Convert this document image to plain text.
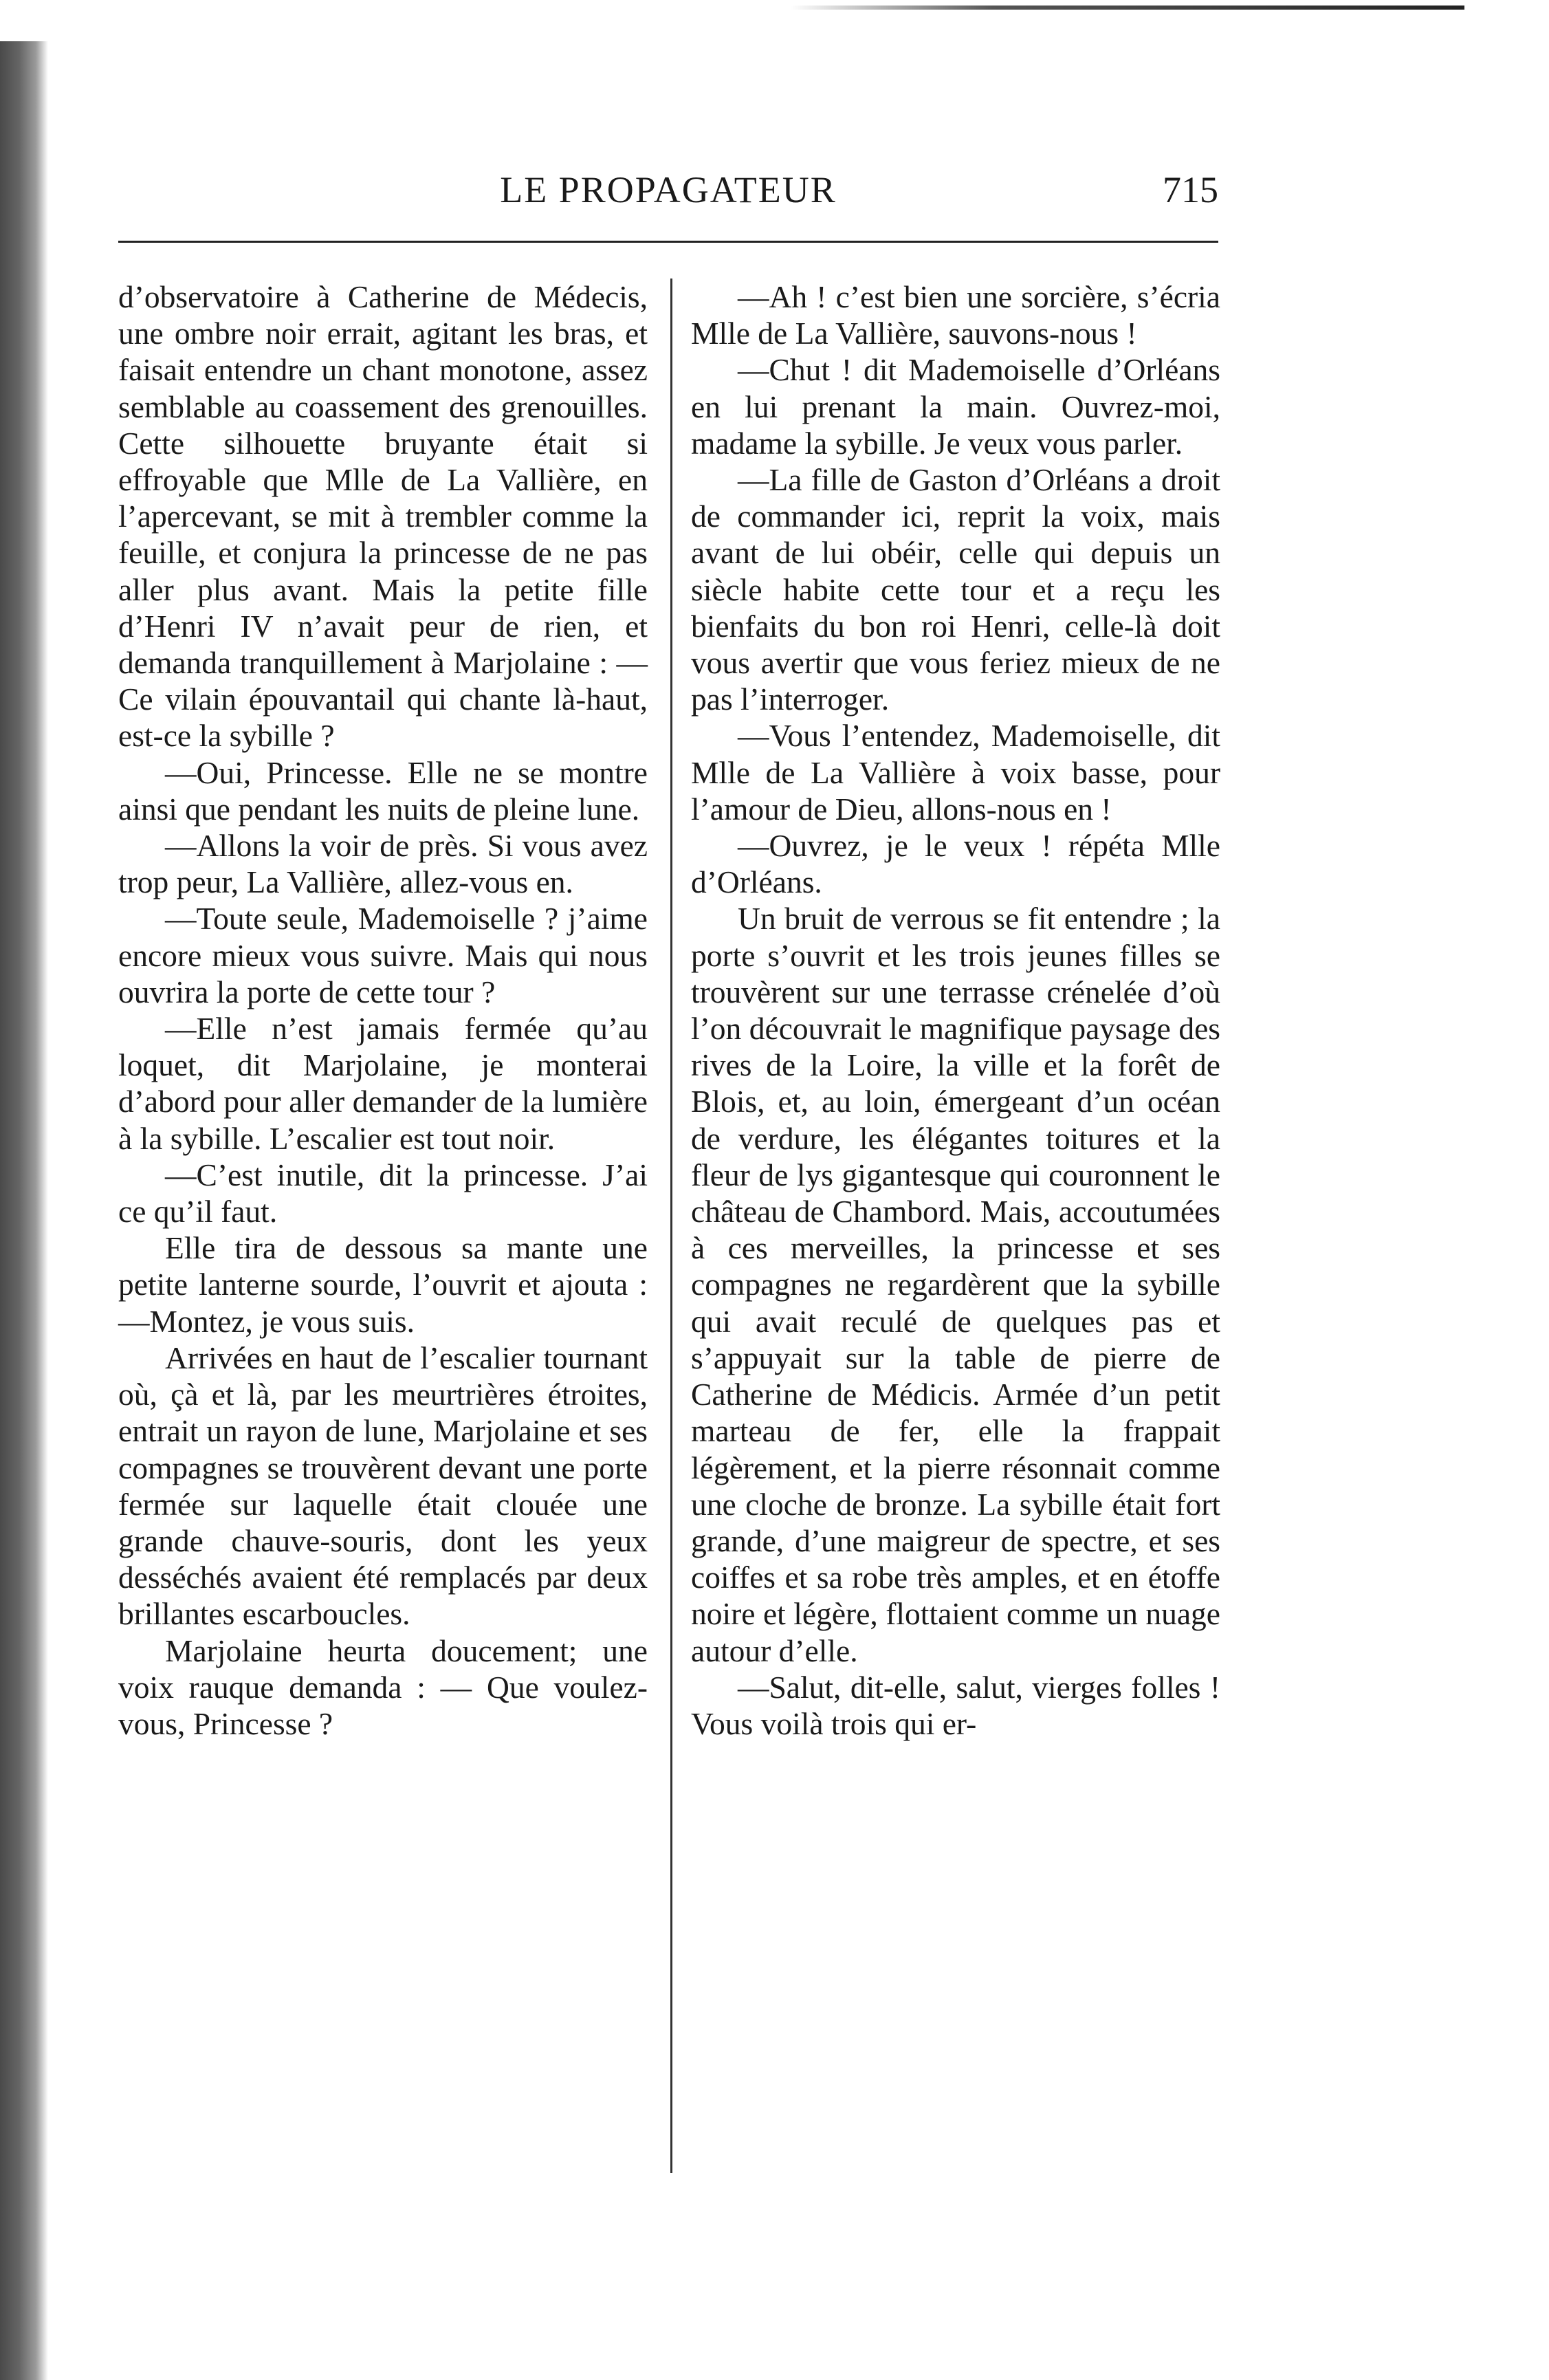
LE PROPAGATEUR	715

d’observatoire à Catherine de Médecis, une ombre noir errait, agitant les bras, et faisait entendre un chant monotone, assez semblable au coassement des grenouilles. Cette silhouette bruyante était si effroyable que Mlle de La Vallière, en l’apercevant, se mit à trembler comme la feuille, et conjura la princesse de ne pas aller plus avant. Mais la petite fille d’Henri IV n’avait peur de rien, et demanda tranquillement à Marjolaine : — Ce vilain épouvantail qui chante là-haut, est-ce la sybille ?

—Oui, Princesse. Elle ne se montre ainsi que pendant les nuits de pleine lune.

—Allons la voir de près. Si vous avez trop peur, La Vallière, allez-vous en.

—Toute seule, Mademoiselle ? j’aime encore mieux vous suivre. Mais qui nous ouvrira la porte de cette tour ?

—Elle n’est jamais fermée qu’au loquet, dit Marjolaine, je monterai d’abord pour aller demander de la lumière à la sybille. L’escalier est tout noir.

—C’est inutile, dit la princesse. J’ai ce qu’il faut.

Elle tira de dessous sa mante une petite lanterne sourde, l’ouvrit et ajouta :—Montez, je vous suis.

Arrivées en haut de l’escalier tournant où, çà et là, par les meurtrières étroites, entrait un rayon de lune, Marjolaine et ses compagnes se trouvèrent devant une porte fermée sur laquelle était clouée une grande chauve-souris, dont les yeux desséchés avaient été remplacés par deux brillantes escarboucles.

Marjolaine heurta doucement; une voix rauque demanda : — Que voulez-vous, Princesse ?

—Ah ! c’est bien une sorcière, s’écria Mlle de La Vallière, sauvons-nous !

—Chut ! dit Mademoiselle d’Orléans en lui prenant la main. Ouvrez-moi, madame la sybille. Je veux vous parler.

—La fille de Gaston d’Orléans a droit de commander ici, reprit la voix, mais avant de lui obéir, celle qui depuis un siècle habite cette tour et a reçu les bienfaits du bon roi Henri, celle-là doit vous avertir que vous feriez mieux de ne pas l’interroger.

—Vous l’entendez, Mademoiselle, dit Mlle de La Vallière à voix basse, pour l’amour de Dieu, allons-nous en !

—Ouvrez, je le veux ! répéta Mlle d’Orléans.

Un bruit de verrous se fit entendre ; la porte s’ouvrit et les trois jeunes filles se trouvèrent sur une terrasse crénelée d’où l’on découvrait le magnifique paysage des rives de la Loire, la ville et la forêt de Blois, et, au loin, émergeant d’un océan de verdure, les élégantes toitures et la fleur de lys gigantesque qui couronnent le château de Chambord. Mais, accoutumées à ces merveilles, la princesse et ses compagnes ne regardèrent que la sybille qui avait reculé de quelques pas et s’appuyait sur la table de pierre de Catherine de Médicis. Armée d’un petit marteau de fer, elle la frappait légèrement, et la pierre résonnait comme une cloche de bronze. La sybille était fort grande, d’une maigreur de spectre, et ses coiffes et sa robe très amples, et en étoffe noire et légère, flottaient comme un nuage autour d’elle.

—Salut, dit-elle, salut, vierges folles ! Vous voilà trois qui er-
